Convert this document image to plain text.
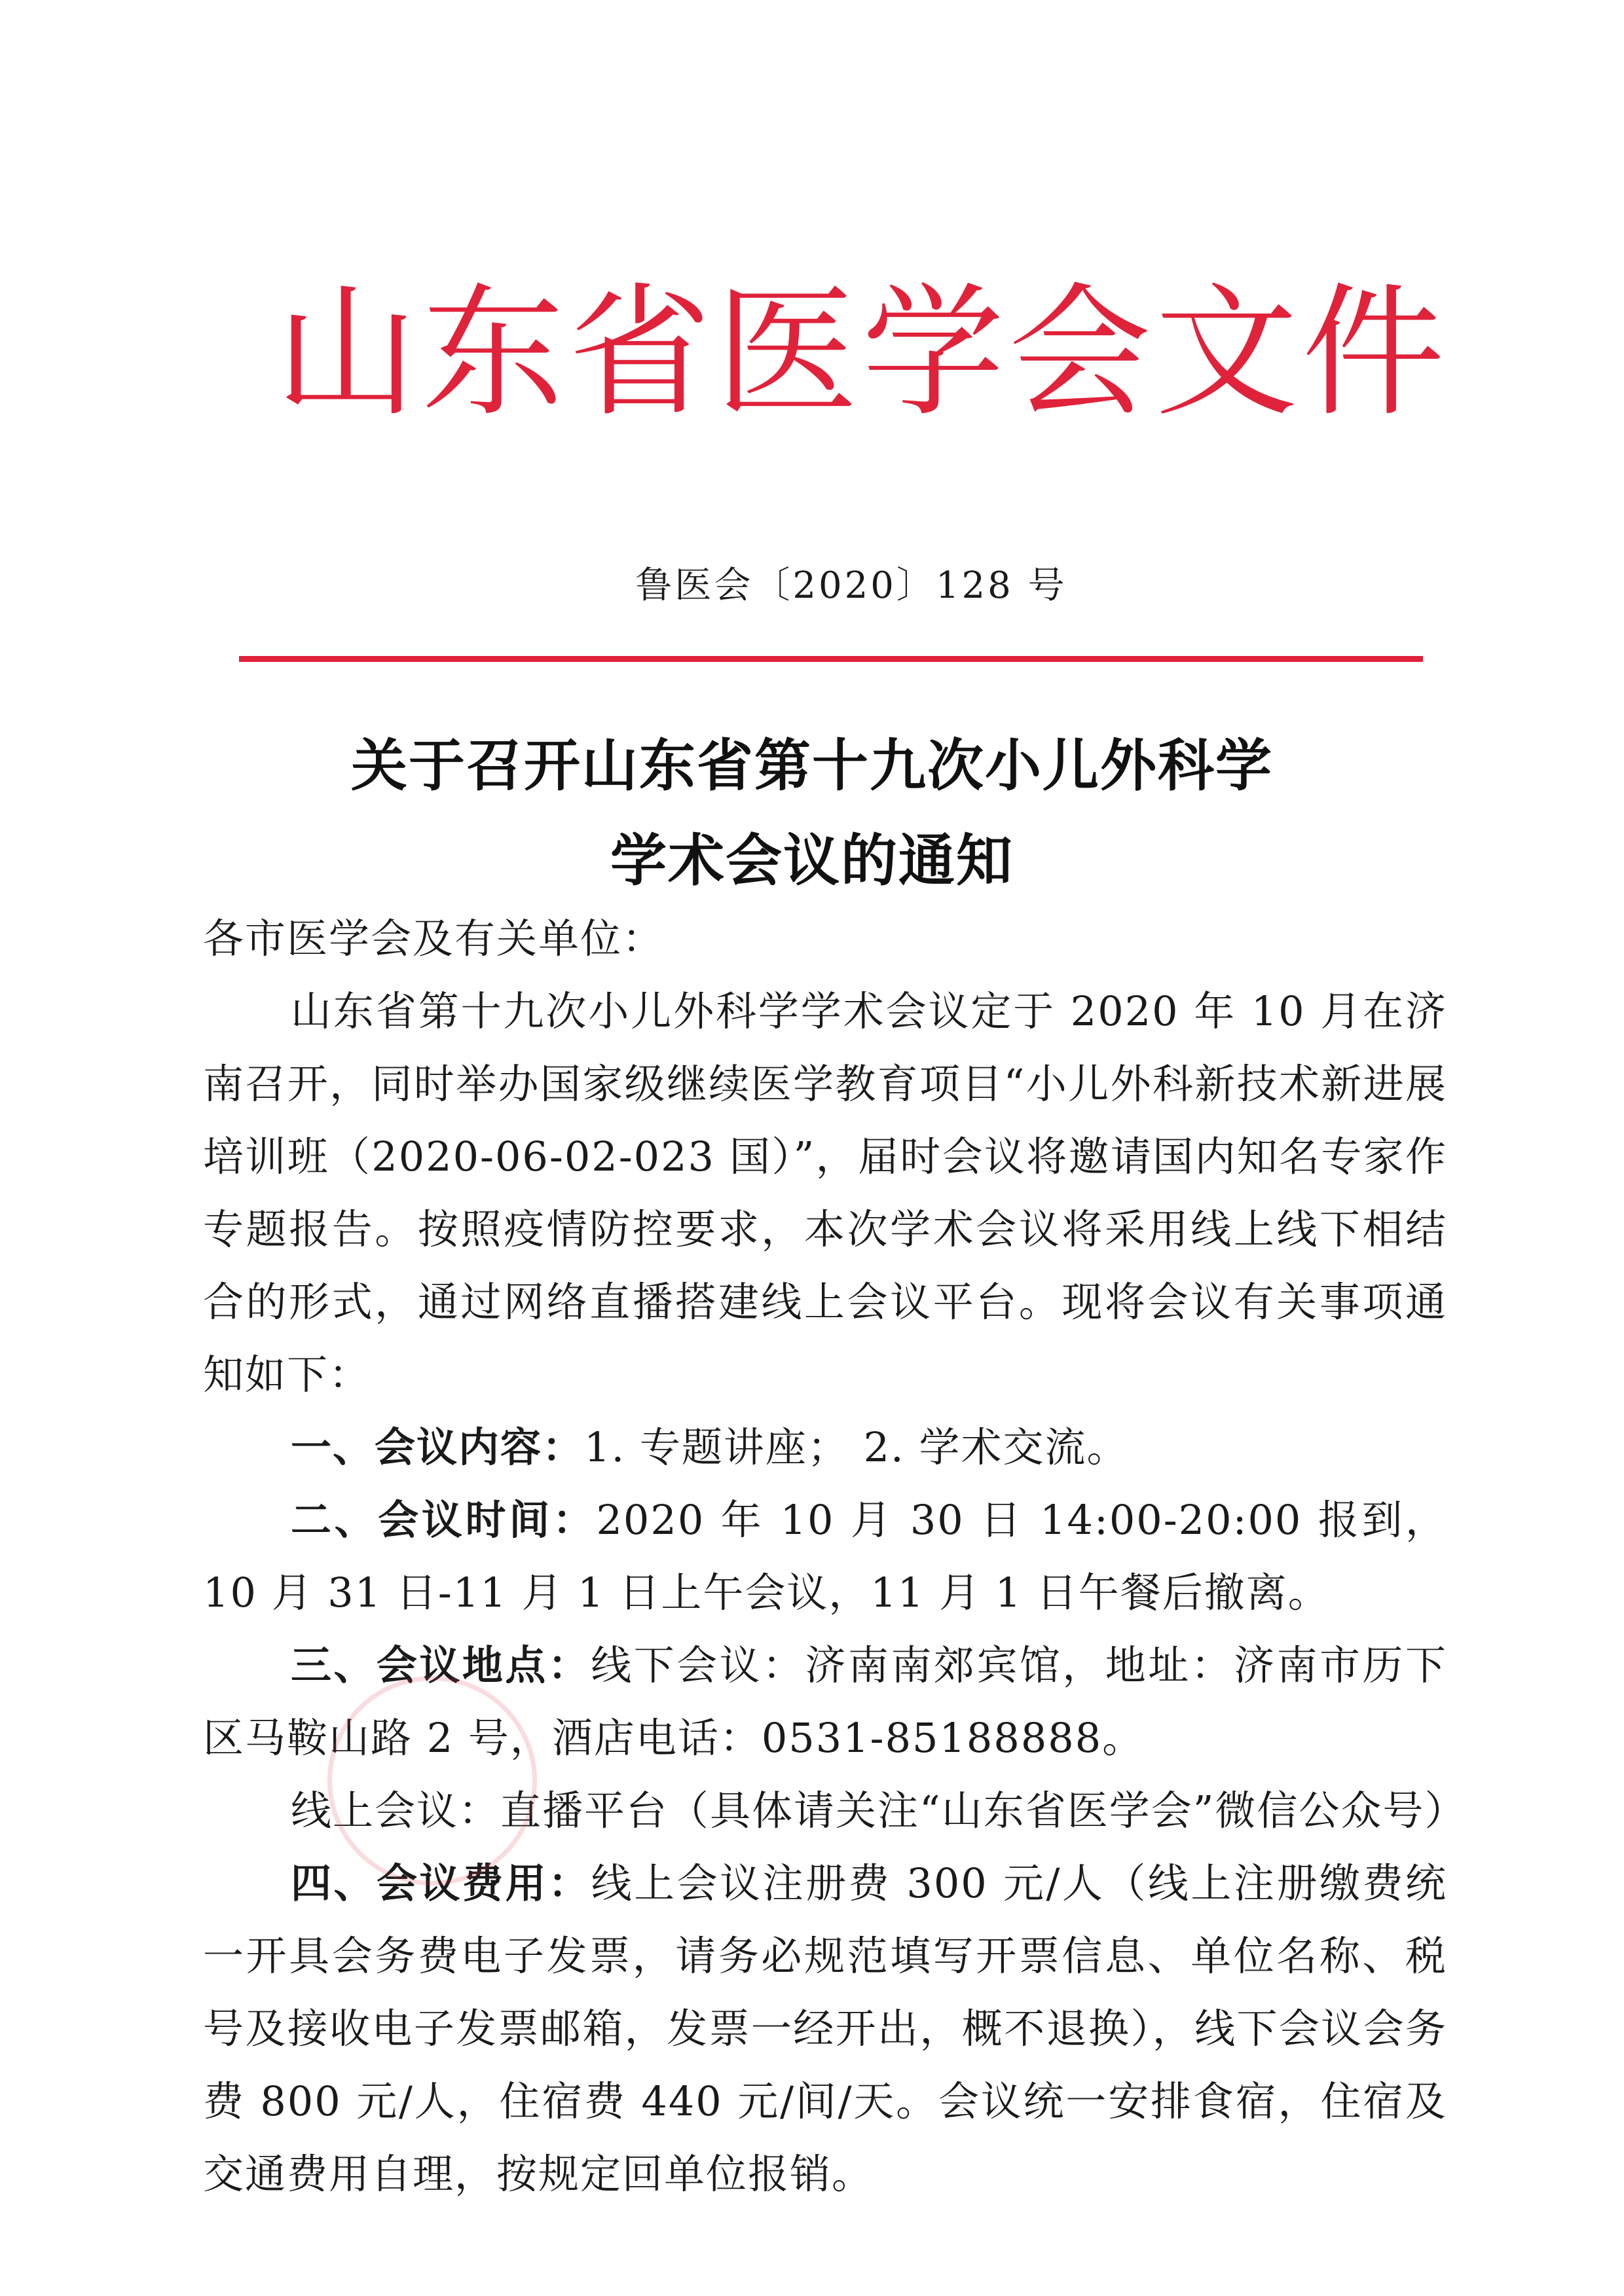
山东省医学会文件
鲁医会〔2020〕128 号
关于召开山东省第十九次小儿外科学
学术会议的通知

各市医学会及有关单位：

山东省第十九次小儿外科学学术会议定于 2020 年 10 月在济南召开，同时举办国家级继续医学教育项目“小儿外科新技术新进展培训班（2020-06-02-023 国）”，届时会议将邀请国内知名专家作专题报告。按照疫情防控要求，本次学术会议将采用线上线下相结合的形式，通过网络直播搭建线上会议平台。现将会议有关事项通知如下：

一、会议内容：1. 专题讲座； 2. 学术交流。

二、会议时间：2020 年 10 月 30 日 14:00-20:00 报到，10 月 31 日-11 月 1 日上午会议，11 月 1 日午餐后撤离。

三、会议地点：线下会议：济南南郊宾馆，地址：济南市历下区马鞍山路 2 号，酒店电话：0531-85188888。

线上会议：直播平台（具体请关注“山东省医学会”微信公众号）

四、会议费用：线上会议注册费 300 元/人（线上注册缴费统一开具会务费电子发票，请务必规范填写开票信息、单位名称、税号及接收电子发票邮箱，发票一经开出，概不退换），线下会议会务费 800 元/人，住宿费 440 元/间/天。会议统一安排食宿，住宿及交通费用自理，按规定回单位报销。
